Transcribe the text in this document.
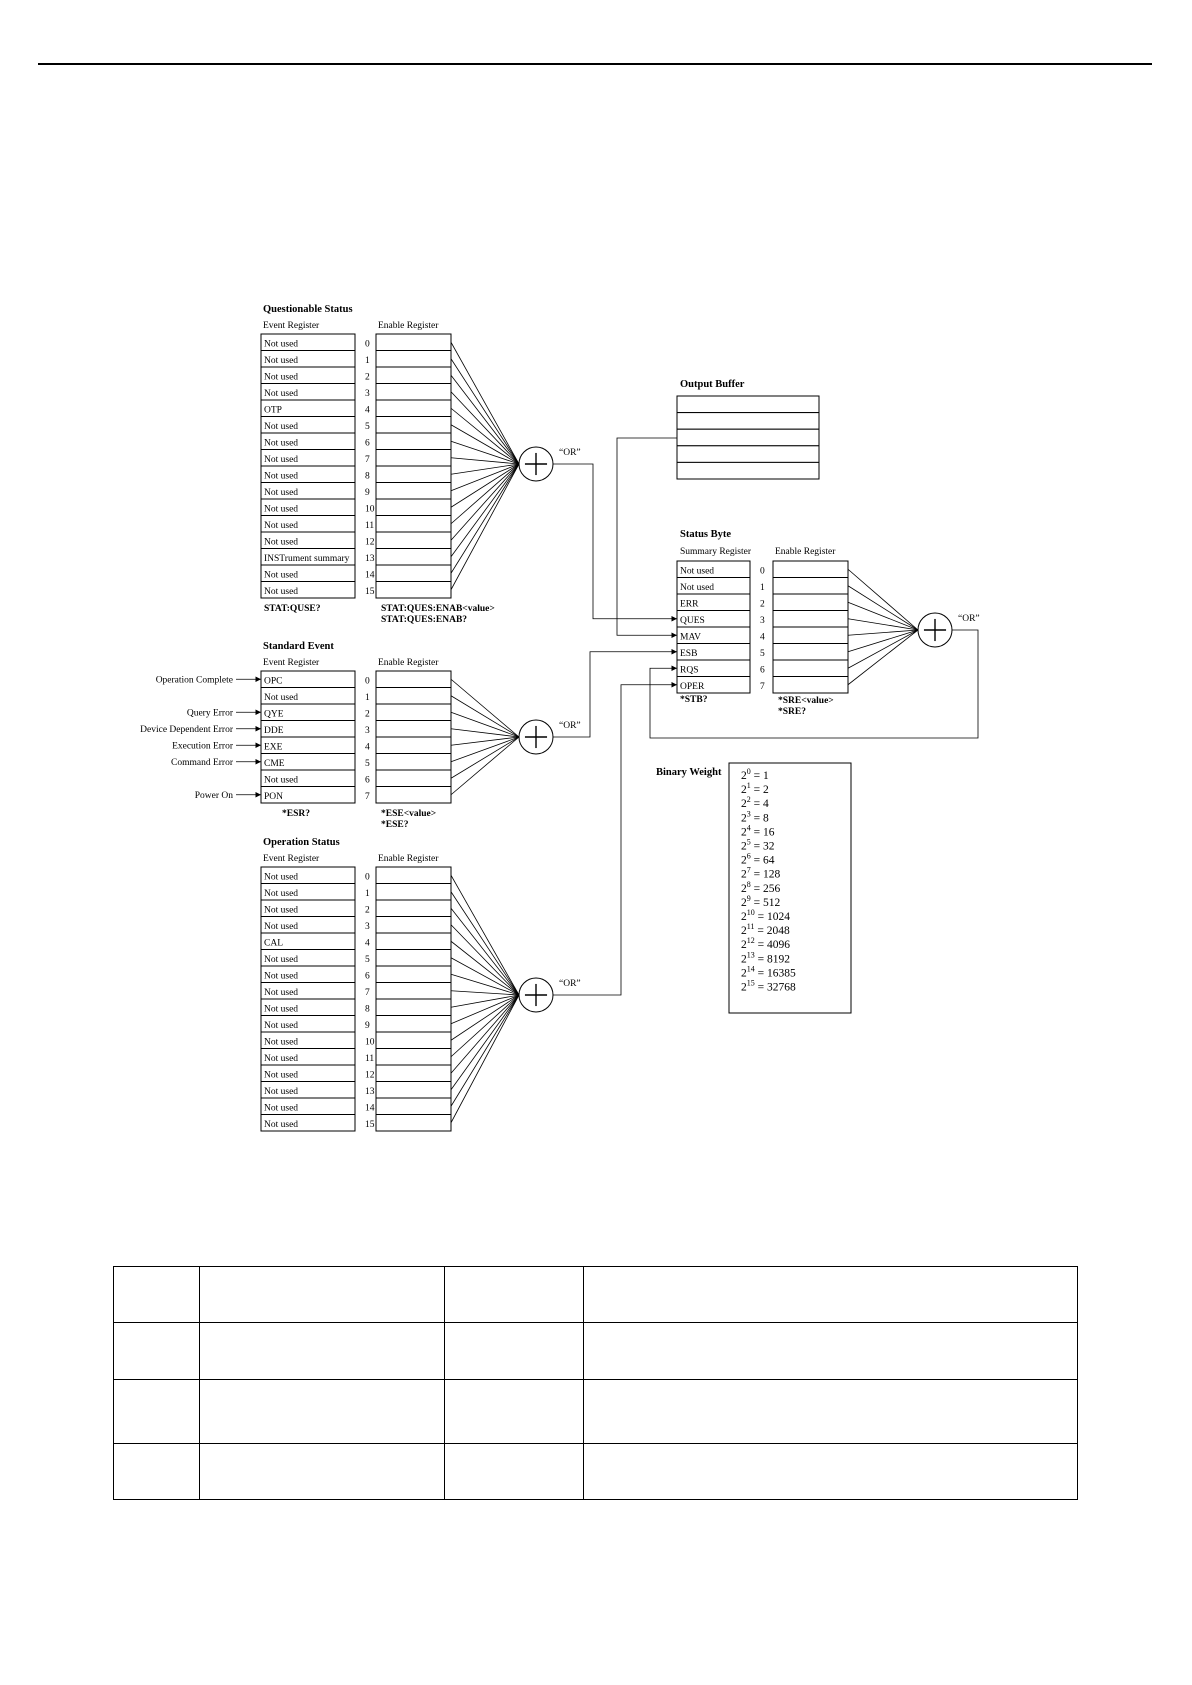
Questionable Status
Event Register	Enable Register
Not used	0
Not used	1
Not used	2
Not used	3
OTP	4
Not used	5
Not used	6
Not used	7
Not used	8
Not used	9
Not used	10
Not used	11
Not used	12
INSTrument summary 13
Not used	14
Not used	15
“OR”
STAT:QUSE?	STAT:QUES:ENAB<value>
STAT:QUES:ENAB?
Standard Event
Event Register	Enable Register
OPC	0
Not used	1
QYE	2
DDE	3
EXE	4
CME	5
Not used	6
PON	7
“OR”
Operation Complete
Query Error
Device Dependent Error
Execution Error
Command Error
Power On
*ESR?	*ESE<value>
*ESE?
Operation Status
Event Register	Enable Register
Not used	0
Not used	1
Not used	2
Not used	3
CAL	4
Not used	5
Not used	6
Not used	7
Not used	8
Not used	9
Not used	10
Not used	11
Not used	12
Not used	13
Not used	14
Not used	15
“OR”
Output Buffer
Status Byte
Summary Register	Enable Register
Not used	0
Not used	1
ERR	2
QUES	3
MAV	4
ESB	5
RQS	6
OPER	7
“OR”
*STB?	*SRE<value>
*SRE?
Binary Weight $2^0 = 1$
$2^1 = 2$
$2^2 = 4$
$2^3 = 8$
$2^4 = 16$
$2^5 = 32$
$2^6 = 64$
$2^7 = 128$
$2^8 = 256$
$2^9 = 512$
$2^{10} = 1024$
$2^{11} = 2048$
$2^{12} = 4096$
$2^{13} = 8192$
$2^{14} = 16385$
$2^{15} = 32768$
